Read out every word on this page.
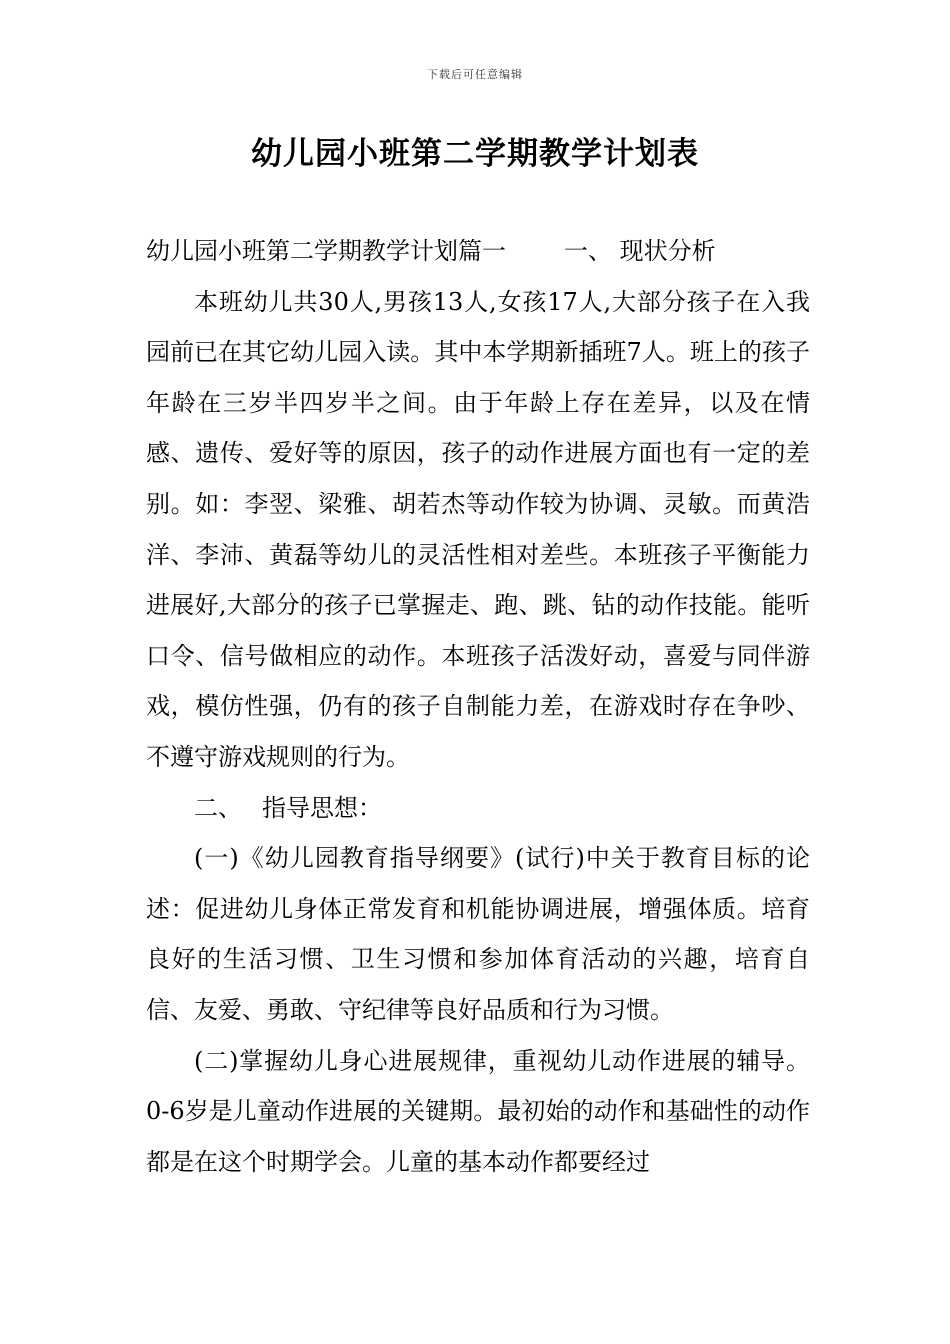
下载后可任意编辑
幼儿园小班第二学期教学计划表

幼儿园小班第二学期教学计划篇一 一、 现状分析

本班幼儿共30人,男孩13人,女孩17人,大部分孩子在入我园前已在其它幼儿园入读。其中本学期新插班7人。班上的孩子年龄在三岁半四岁半之间。由于年龄上存在差异，以及在情感、遗传、爱好等的原因，孩子的动作进展方面也有一定的差别。如：李翌、梁雅、胡若杰等动作较为协调、灵敏。而黄浩洋、李沛、黄磊等幼儿的灵活性相对差些。本班孩子平衡能力进展好,大部分的孩子已掌握走、跑、跳、钻的动作技能。能听口令、信号做相应的动作。本班孩子活泼好动，喜爱与同伴游戏，模仿性强，仍有的孩子自制能力差，在游戏时存在争吵、不遵守游戏规则的行为。

二、 指导思想：

(一)《幼儿园教育指导纲要》(试行)中关于教育目标的论述：促进幼儿身体正常发育和机能协调进展，增强体质。培育良好的生活习惯、卫生习惯和参加体育活动的兴趣，培育自信、友爱、勇敢、守纪律等良好品质和行为习惯。

(二)掌握幼儿身心进展规律，重视幼儿动作进展的辅导。0-6岁是儿童动作进展的关键期。最初始的动作和基础性的动作都是在这个时期学会。儿童的基本动作都要经过
